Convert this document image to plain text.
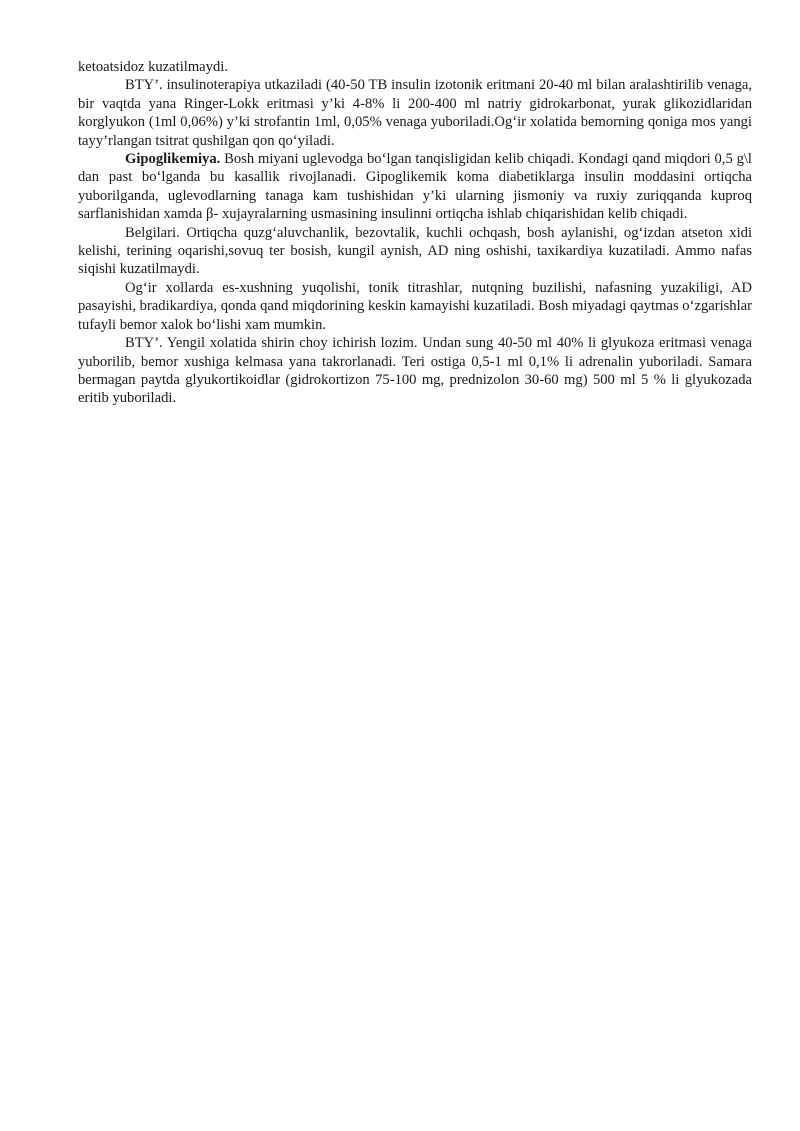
ketoatsidoz kuzatilmaydi.

BTY’. insulinoterapiya utkaziladi (40-50 TB insulin izotonik eritmani 20-40 ml bilan aralashtirilib venaga, bir vaqtda yana Ringer-Lokk eritmasi y’ki 4-8% li 200-400 ml natriy gidrokarbonat, yurak glikozidlaridan korglyukon (1ml 0,06%) y’ki strofantin 1ml, 0,05% venaga yuboriladi.Og‘ir xolatida bemorning qoniga mos yangi tayy’rlangan tsitrat qushilgan qon qo‘yiladi.

Gipoglikemiya. Bosh miyani uglevodga bo‘lgan tanqisligidan kelib chiqadi. Kondagi qand miqdori 0,5 g\l dan past bo‘lganda bu kasallik rivojlanadi. Gipoglikemik koma diabetiklarga insulin moddasini ortiqcha yuborilganda, uglevodlarning tanaga kam tushishidan y’ki ularning jismoniy va ruxiy zuriqqanda kuproq sarflanishidan xamda β- xujayralarning usmasining insulinni ortiqcha ishlab chiqarishidan kelib chiqadi.

Belgilari. Ortiqcha quzg‘aluvchanlik, bezovtalik, kuchli ochqash, bosh aylanishi, og‘izdan atseton xidi kelishi, terining oqarishi,sovuq ter bosish, kungil aynish, AD ning oshishi, taxikardiya kuzatiladi. Ammo nafas siqishi kuzatilmaydi.

Og‘ir xollarda es-xushning yuqolishi, tonik titrashlar, nutqning buzilishi, nafasning yuzakiligi, AD pasayishi, bradikardiya, qonda qand miqdorining keskin kamayishi kuzatiladi. Bosh miyadagi qaytmas o‘zgarishlar tufayli bemor xalok bo‘lishi xam mumkin.

BTY’. Yengil xolatida shirin choy ichirish lozim. Undan sung 40-50 ml 40% li glyukoza eritmasi venaga yuborilib, bemor xushiga kelmasa yana takrorlanadi. Teri ostiga 0,5-1 ml 0,1% li adrenalin yuboriladi. Samara bermagan paytda glyukortikoidlar (gidrokortizon 75-100 mg, prednizolon 30-60 mg) 500 ml 5 % li glyukozada eritib yuboriladi.
